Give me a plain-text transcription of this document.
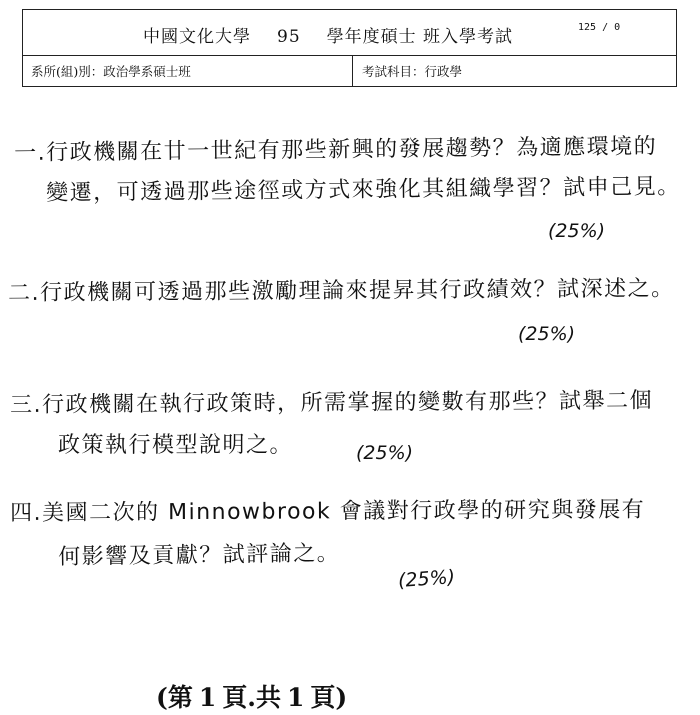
中國文化大學 95 學年度碩士 班入學考試	125 / 0
系所(組)別：政治學系碩士班	考試科目：行政學
一.行政機關在廿一世紀有那些新興的發展趨勢？為適應環境的
變遷，可透過那些途徑或方式來強化其組織學習？試申己見。
(25%)
二.行政機關可透過那些激勵理論來提昇其行政績效？試深述之。
(25%)
三.行政機關在執行政策時，所需掌握的變數有那些？試舉二個
政策執行模型說明之。	(25%)
四.美國二次的 Minnowbrook 會議對行政學的研究與發展有
何影響及貢獻？試評論之。
(25%)
(第 1 頁.共 1 頁)
